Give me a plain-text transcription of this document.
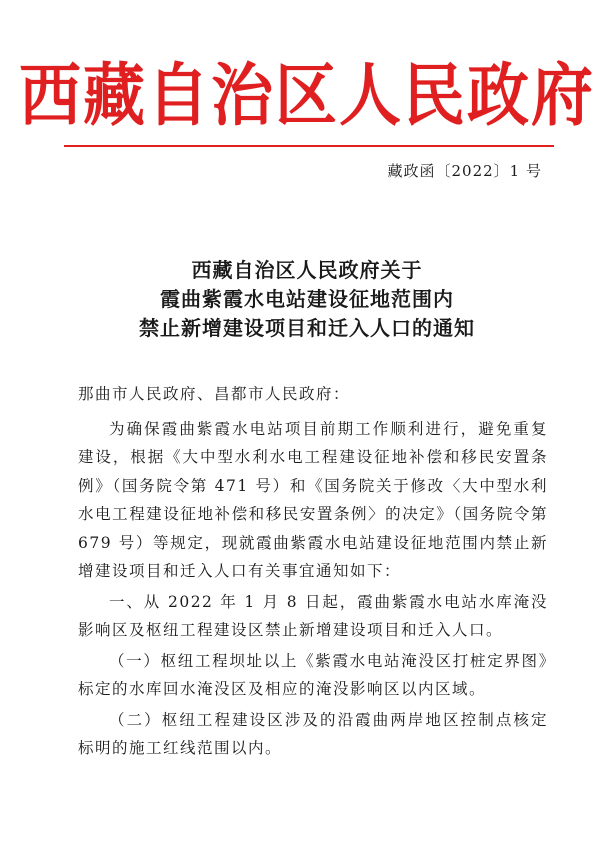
西藏自治区人民政府
藏政函〔2022〕1 号
西藏自治区人民政府关于
霞曲紫霞水电站建设征地范围内
禁止新增建设项目和迁入人口的通知

那曲市人民政府、昌都市人民政府：

为确保霞曲紫霞水电站项目前期工作顺利进行，避免重复建设，根据《大中型水利水电工程建设征地补偿和移民安置条例》（国务院令第 471 号）和《国务院关于修改〈大中型水利水电工程建设征地补偿和移民安置条例〉的决定》（国务院令第 679 号）等规定，现就霞曲紫霞水电站建设征地范围内禁止新增建设项目和迁入人口有关事宜通知如下：

一、从 2022 年 1 月 8 日起，霞曲紫霞水电站水库淹没影响区及枢纽工程建设区禁止新增建设项目和迁入人口。

（一）枢纽工程坝址以上《紫霞水电站淹没区打桩定界图》标定的水库回水淹没区及相应的淹没影响区以内区域。

（二）枢纽工程建设区涉及的沿霞曲两岸地区控制点核定标明的施工红线范围以内。
